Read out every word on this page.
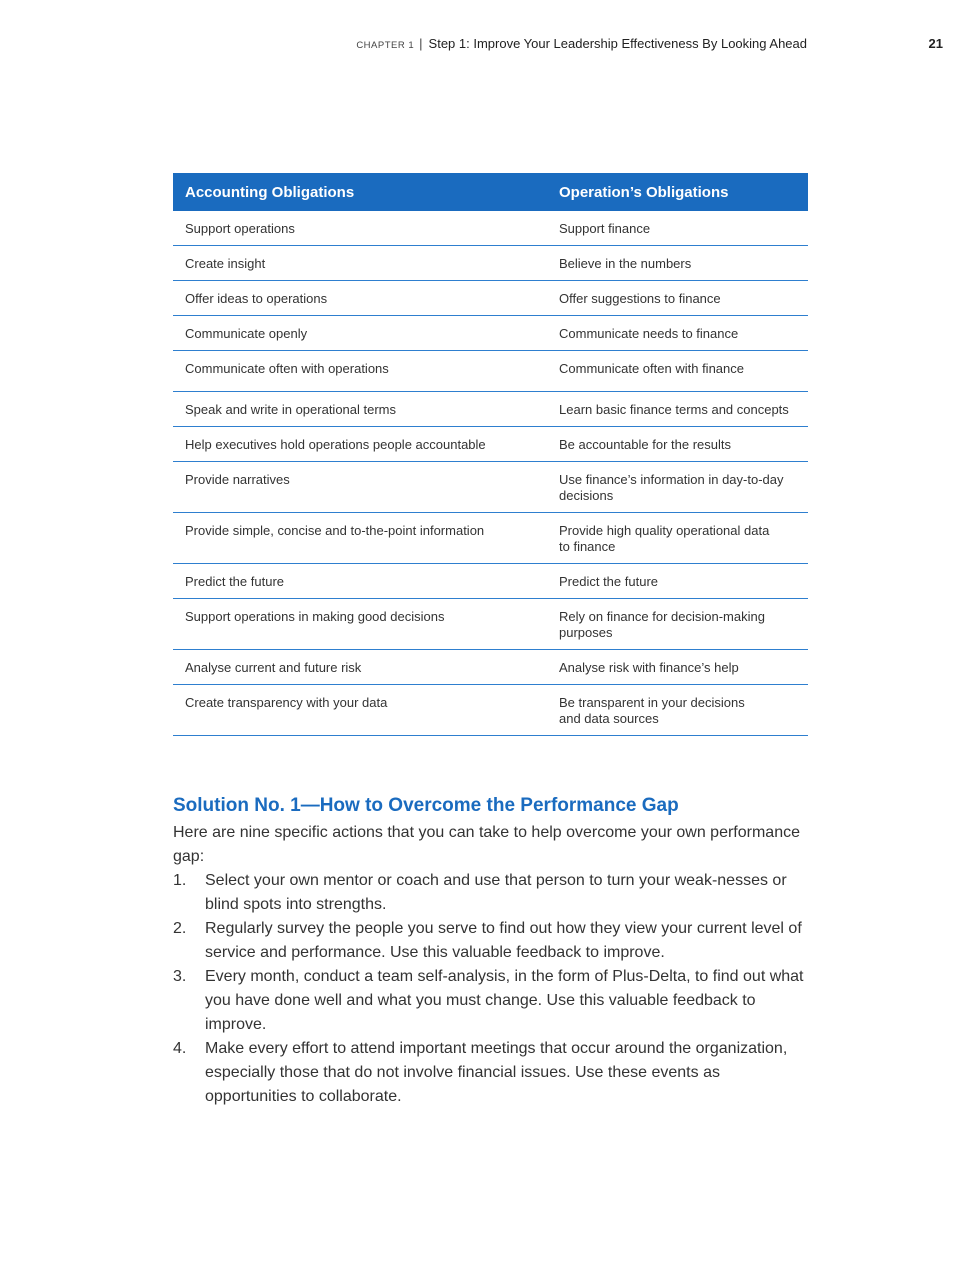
CHAPTER 1 | Step 1: Improve Your Leadership Effectiveness By Looking Ahead	21
Accounting Obligations	Operation’s Obligations
Support operations	Support finance
Create insight	Believe in the numbers
Offer ideas to operations	Offer suggestions to finance
Communicate openly	Communicate needs to finance
Communicate often with operations	Communicate often with finance
Speak and write in operational terms	Learn basic finance terms and concepts
Help executives hold operations people accountable	Be accountable for the results
Provide narratives	Use finance’s information in day-to-day decisions
Provide simple, concise and to-the-point information	Provide high quality operational data to finance
Predict the future	Predict the future
Support operations in making good decisions	Rely on finance for decision-making purposes
Analyse current and future risk	Analyse risk with finance’s help
Create transparency with your data	Be transparent in your decisions and data sources
Solution No. 1—How to Overcome the Performance Gap

Here are nine specific actions that you can take to help overcome your own performance gap:

1. Select your own mentor or coach and use that person to turn your weak-nesses or blind spots into strengths.
2. Regularly survey the people you serve to find out how they view your current level of service and performance. Use this valuable feedback to improve.
3. Every month, conduct a team self-analysis, in the form of Plus-Delta, to find out what you have done well and what you must change. Use this valuable feedback to improve.
4. Make every effort to attend important meetings that occur around the organization, especially those that do not involve financial issues. Use these events as opportunities to collaborate.
